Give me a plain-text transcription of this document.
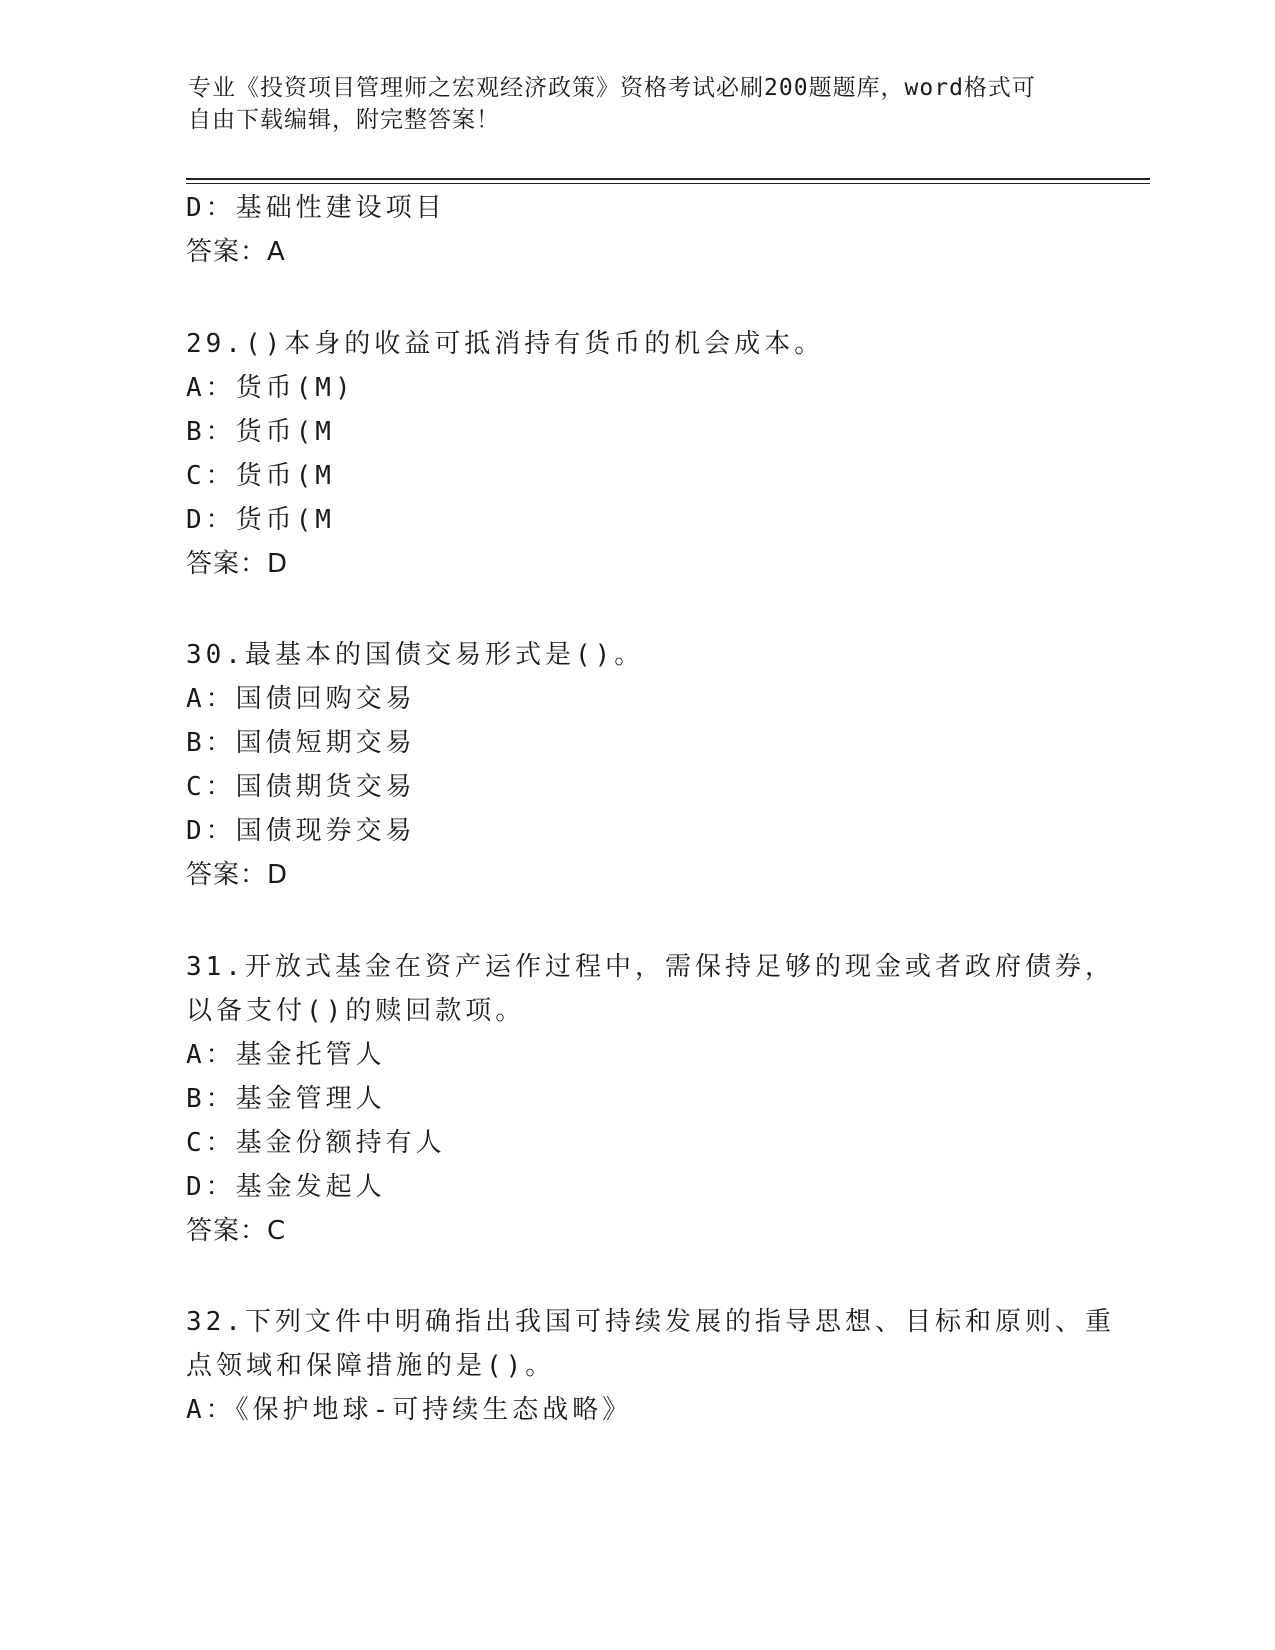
专业《投资项目管理师之宏观经济政策》资格考试必刷200题题库，word格式可
自由下载编辑，附完整答案！
D：基础性建设项目
答案：A
29.()本身的收益可抵消持有货币的机会成本。
A：货币(M)
B：货币(M
C：货币(M
D：货币(M
答案：D
30.最基本的国债交易形式是()。
A：国债回购交易
B：国债短期交易
C：国债期货交易
D：国债现券交易
答案：D
31.开放式基金在资产运作过程中，需保持足够的现金或者政府债券，
以备支付()的赎回款项。
A：基金托管人
B：基金管理人
C：基金份额持有人
D：基金发起人
答案：C
32.下列文件中明确指出我国可持续发展的指导思想、目标和原则、重
点领域和保障措施的是()。
A：《保护地球-可持续生态战略》
